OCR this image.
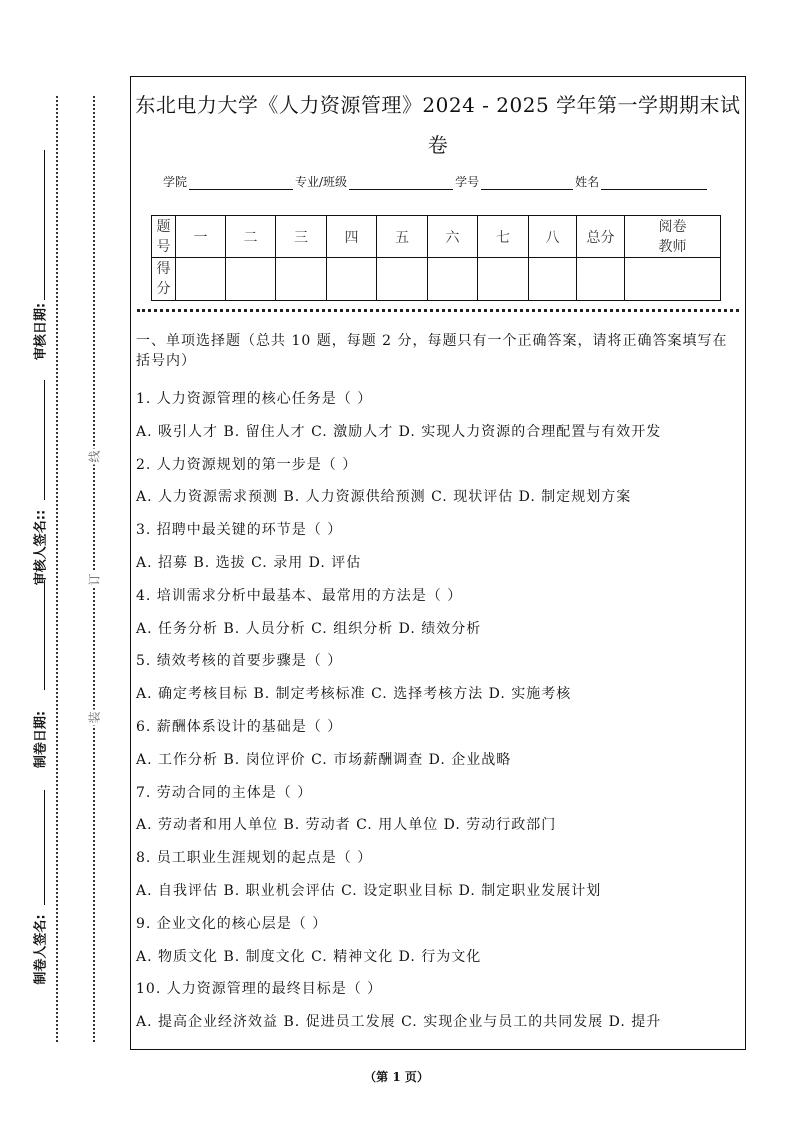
审核日期:
审核人签名::
制卷日期:
制卷人签名:
线
订
装
东北电力大学《人力资源管理》2024 - 2025 学年第一学期期末试
卷
学院	专业/班级	学号	姓名
题号	一	二	三	四	五	六	七	八	总分	阅卷教师
得分										
一、单项选择题（总共 10 题，每题 2 分，每题只有一个正确答案，请将正确答案填写在括号内）
1. 人力资源管理的核心任务是（ ）
A. 吸引人才 B. 留住人才 C. 激励人才 D. 实现人力资源的合理配置与有效开发
2. 人力资源规划的第一步是（ ）
A. 人力资源需求预测 B. 人力资源供给预测 C. 现状评估 D. 制定规划方案
3. 招聘中最关键的环节是（ ）
A. 招募 B. 选拔 C. 录用 D. 评估
4. 培训需求分析中最基本、最常用的方法是（ ）
A. 任务分析 B. 人员分析 C. 组织分析 D. 绩效分析
5. 绩效考核的首要步骤是（ ）
A. 确定考核目标 B. 制定考核标准 C. 选择考核方法 D. 实施考核
6. 薪酬体系设计的基础是（ ）
A. 工作分析 B. 岗位评价 C. 市场薪酬调查 D. 企业战略
7. 劳动合同的主体是（ ）
A. 劳动者和用人单位 B. 劳动者 C. 用人单位 D. 劳动行政部门
8. 员工职业生涯规划的起点是（ ）
A. 自我评估 B. 职业机会评估 C. 设定职业目标 D. 制定职业发展计划
9. 企业文化的核心层是（ ）
A. 物质文化 B. 制度文化 C. 精神文化 D. 行为文化
10. 人力资源管理的最终目标是（ ）
A. 提高企业经济效益 B. 促进员工发展 C. 实现企业与员工的共同发展 D. 提升
（第 1 页）
